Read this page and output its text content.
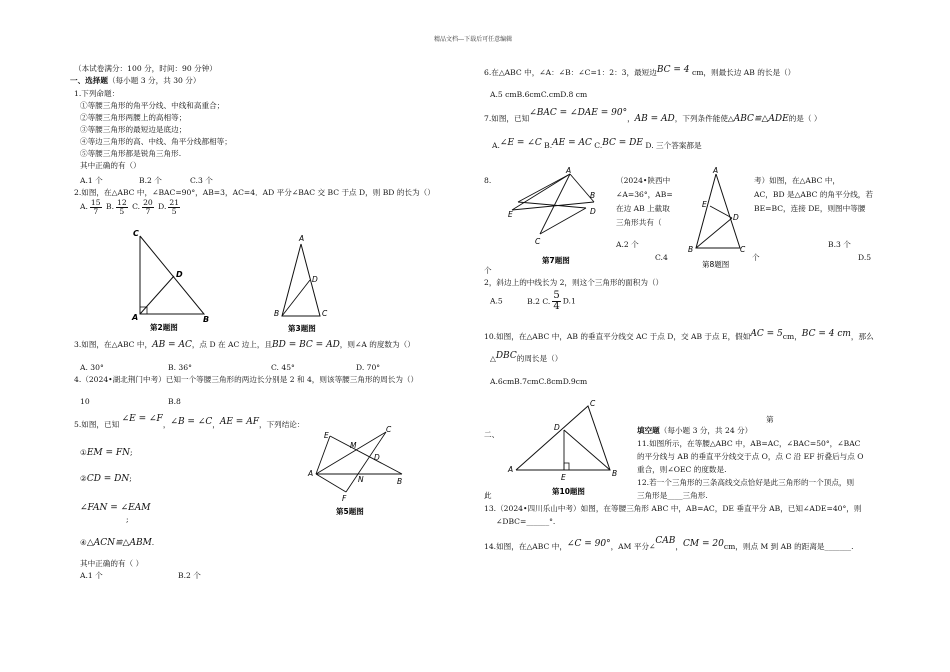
精品文档---下载后可任意编辑
（本试卷满分：100 分，时间：90 分钟）
一、选择题（每小题 3 分，共 30 分）
1.下列命题：
①等腰三角形的角平分线、中线和高重合；
②等腰三角形两腰上的高相等；
③等腰三角形的最短边是底边；
④等边三角形的高、中线、角平分线都相等；
⑤等腰三角形都是锐角三角形.
其中正确的有（）
A.1 个	B.2 个	C.3 个
2.如图，在△ABC 中，∠BAC=90°，AB=3，AC=4．AD 平分∠BAC 交 BC 于点 D，则 BD 的长为（）
A. $\frac{15}{7} B$. $\frac{12}{5} C$. $\frac{20}{7} D$. $\frac{21}{5}$
C
D
A	B
第2题图
A
D
B	C
第3题图
3.如图，在△ABC 中，AB = AC，点 D 在 AC 边上，且BD = BC = AD，则∠A 的度数为（）
A. 30°	B. 36°	C. 45°	D. 70°
4.（2024•湖北荆门中考）已知一个等腰三角形的两边长分别是 2 和 4，则该等腰三角形的周长为（）
10	B.8
5.如图，已知 ∠E = ∠F，∠B = ∠C，AE = AF，下列结论：
①EM = FN;
②CD = DN;
∠FAN = ∠EAM
;
④△ACN≌△ABM.
其中正确的有（ ）
A.1 个	B.2 个
E
M
C
D
A
N	B
F
第5题图
6.在△ABC 中，∠A：∠B：∠C=1：2：3，最短边BC = 4 cm，则最长边 AB 的长是（）
A.5 cmB.6cmC.cmD.8 cm
7.如图，已知∠BAC = ∠DAE = 90°，AB = AD，下列条件能使△ABC≌△ADE的是（ ）
A.∠E = ∠C B.AE = AC C.BC = DE D. 三个答案都是
8.
A
B
E	D
C
第7题图
（2024•陕西中
∠A=36°，AB=
在边 AB 上截取
三角形共有（
A.2 个
C.4
A
E
D
B	C
第8题图
考）如图，在△ABC 中，
AC，BD 是△ABC 的角平分线，若
BE=BC，连接 DE，则图中等腰
B.3 个
个	D.5
个
2，斜边上的中线长为 2，则这个三角形的面积为（）
A.5	B.2 C. $\frac{5}{4} D.1$
10.如图，在△ABC 中，AB 的垂直平分线交 AC 于点 D，交 AB 于点 E，假如AC = 5cm，BC = 4 cm，那么
△DBC的周长是（）
A.6cmB.7cmC.8cmD.9cm
二、
C
D
A
E	B
第10题图
第
填空题（每小题 3 分，共 24 分）
11.如图所示，在等腰△ABC 中，AB=AC，∠BAC=50°，∠BAC
的平分线与 AB 的垂直平分线交于点 O，点 C 沿 EF 折叠后与点 O
重合，则∠OEC 的度数是.
12.若一个三角形的三条高线交点恰好是此三角形的一个顶点，则
三角形是____三角形.
此
13.（2024•四川乐山中考）如图，在等腰三角形 ABC 中，AB=AC，DE 垂直平分 AB，已知∠ADE=40°，则
∠DBC=______°.
14.如图，在△ABC 中，∠C = 90°，AM 平分∠CAB，CM = 20cm，则点 M 到 AB 的距离是_______.
